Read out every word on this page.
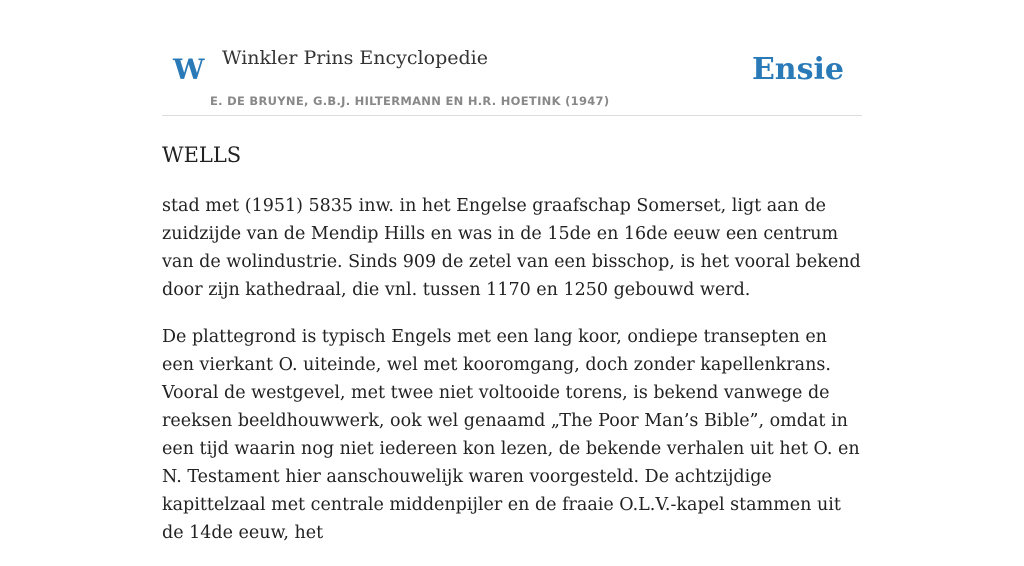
W Winkler Prins Encyclopedie	Ensie
E. DE BRUYNE, G.B.J. HILTERMANN EN H.R. HOETINK (1947)
WELLS

stad met (1951) 5835 inw. in het Engelse graafschap Somerset, ligt aan de zuidzijde van de Mendip Hills en was in de 15de en 16de eeuw een centrum van de wolindustrie. Sinds 909 de zetel van een bisschop, is het vooral bekend door zijn kathedraal, die vnl. tussen 1170 en 1250 gebouwd werd.

De plattegrond is typisch Engels met een lang koor, ondiepe transepten en een vierkant O. uiteinde, wel met kooromgang, doch zonder kapellenkrans. Vooral de westgevel, met twee niet voltooide torens, is bekend vanwege de reeksen beeldhouwwerk, ook wel genaamd „The Poor Man’s Bible”, omdat in een tijd waarin nog niet iedereen kon lezen, de bekende verhalen uit het O. en N. Testament hier aanschouwelijk waren voorgesteld. De achtzijdige kapittelzaal met centrale middenpijler en de fraaie O.L.V.-kapel stammen uit de 14de eeuw, het
